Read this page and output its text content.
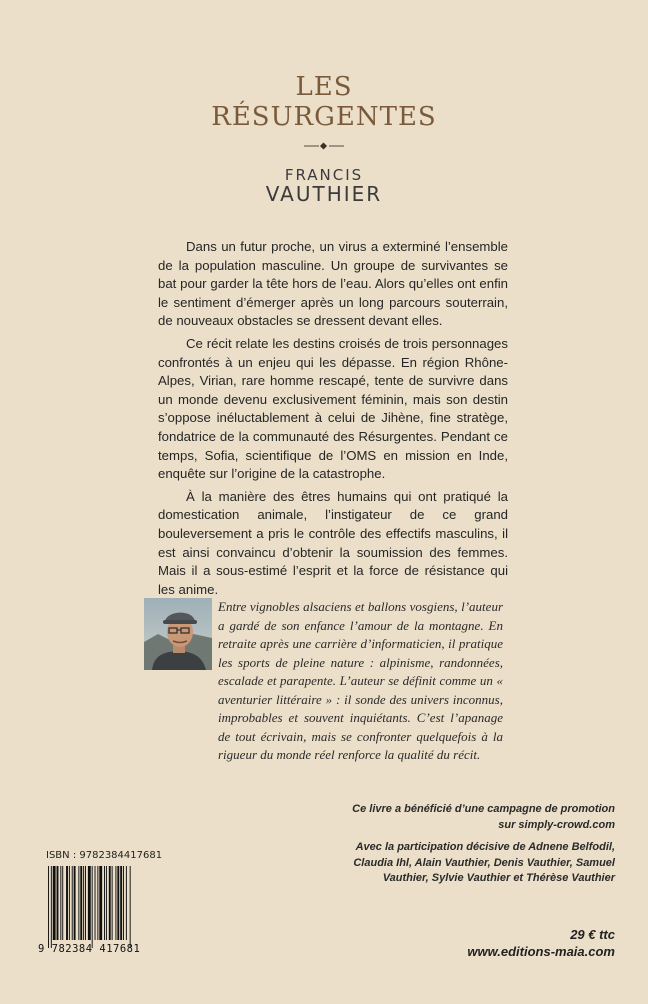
LES
RÉSURGENTES
FRANCIS
VAUTHIER

Dans un futur proche, un virus a exterminé l’ensemble de la population masculine. Un groupe de survivantes se bat pour garder la tête hors de l’eau. Alors qu’elles ont enfin le sentiment d’émerger après un long parcours souterrain, de nouveaux obstacles se dressent devant elles.

Ce récit relate les destins croisés de trois personnages confrontés à un enjeu qui les dépasse. En région Rhône-Alpes, Virian, rare homme rescapé, tente de survivre dans un monde devenu exclusivement féminin, mais son destin s’oppose inéluctablement à celui de Jihène, fine stratège, fondatrice de la communauté des Résurgentes. Pendant ce temps, Sofia, scientifique de l’OMS en mission en Inde, enquête sur l’origine de la catastrophe.

À la manière des êtres humains qui ont pratiqué la domestication animale, l’instigateur de ce grand bouleversement a pris le contrôle des effectifs masculins, il est ainsi convaincu d’obtenir la soumission des femmes. Mais il a sous-estimé l’esprit et la force de résistance qui les anime.

Entre vignobles alsaciens et ballons vosgiens, l’auteur a gardé de son enfance l’amour de la montagne. En retraite après une carrière d’informaticien, il pratique les sports de pleine nature : alpinisme, randonnées, escalade et parapente. L’auteur se définit comme un « aventurier littéraire » : il sonde des univers inconnus, improbables et souvent inquiétants. C’est l’apanage de tout écrivain, mais se confronter quelquefois à la rigueur du monde réel renforce la qualité du récit.
Ce livre a bénéficié d’une campagne de promotion
sur simply-crowd.com
Avec la participation décisive de Adnene Belfodil, Claudia Ihl, Alain Vauthier, Denis Vauthier, Samuel Vauthier, Sylvie Vauthier et Thérèse Vauthier
29 € ttc
www.editions-maia.com
ISBN : 9782384417681
9 782384 417681
